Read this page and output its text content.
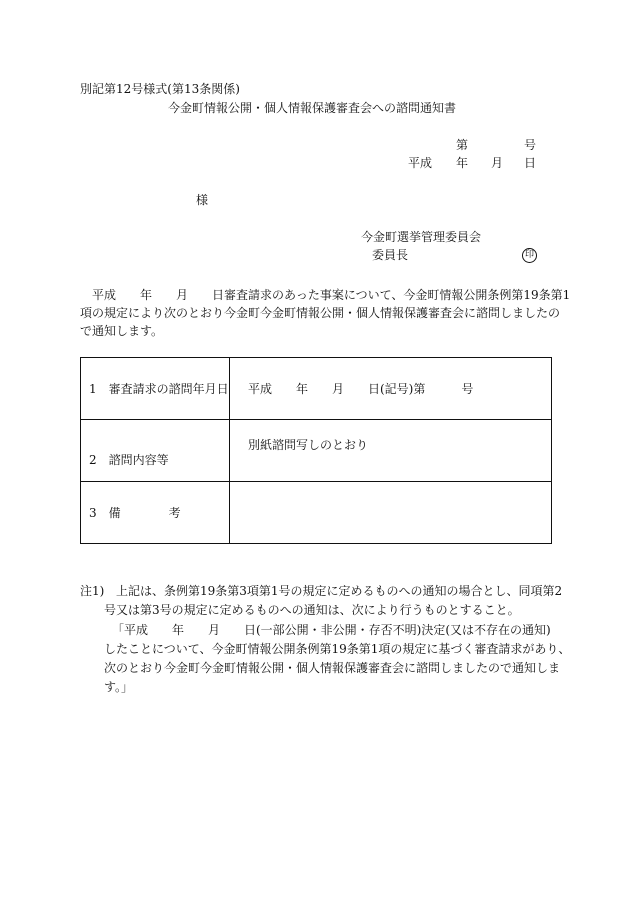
別記第12号様式(第13条関係)
今金町情報公開・個人情報保護審査会への諮問通知書
第	号
平成 年 月 日
様
今金町選挙管理委員会
委員長	印
平成　　年　　月　　日審査請求のあった事案について、今金町情報公開条例第19条第1
項の規定により次のとおり今金町今金町情報公開・個人情報保護審査会に諮問しましたの
で通知します。
1　審査請求の諮問年月日	平成　　年　　月　　日(記号)第　　　号
2　諮問内容等	別紙諮問写しのとおり
3　備　　　　考	
注1) 上記は、条例第19条第3項第1号の規定に定めるものへの通知の場合とし、同項第2
号又は第3号の規定に定めるものへの通知は、次により行うものとすること。
「平成　　年　　月　　日(一部公開・非公開・存否不明)決定(又は不存在の通知)
したことについて、今金町情報公開条例第19条第1項の規定に基づく審査請求があり、
次のとおり今金町今金町情報公開・個人情報保護審査会に諮問しましたので通知しま
す。」
